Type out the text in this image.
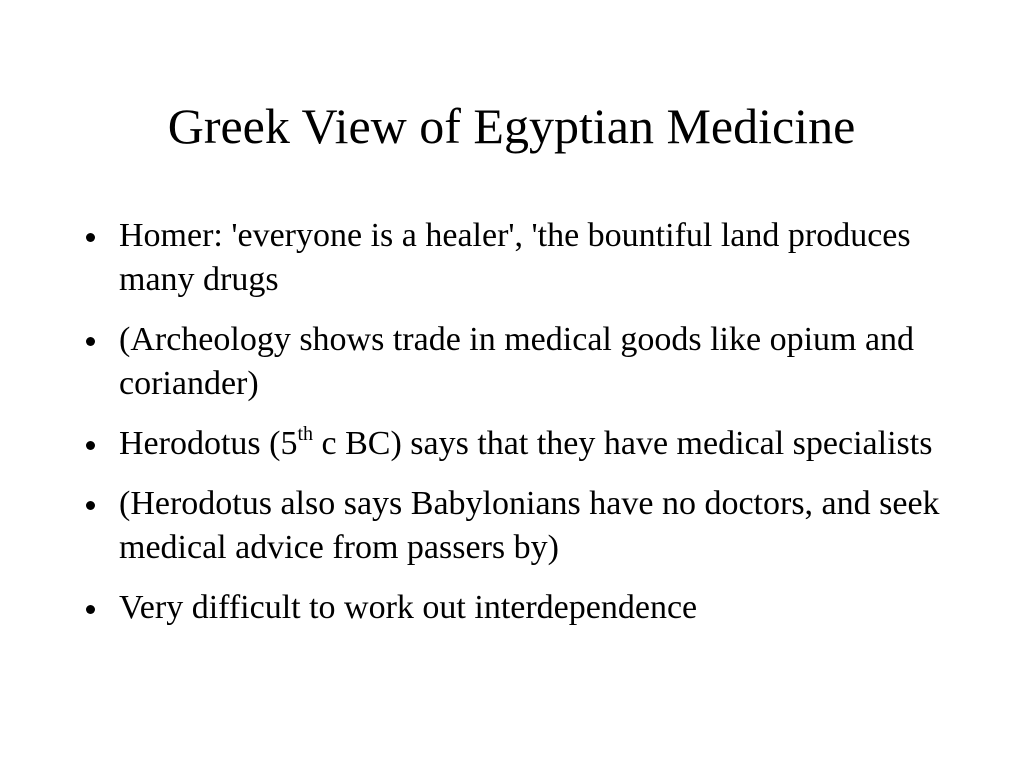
Greek View of Egyptian Medicine
Homer: 'everyone is a healer', 'the bountiful land produces many drugs
(Archeology shows trade in medical goods like opium and coriander)
Herodotus (5th c BC) says that they have medical specialists
(Herodotus also says Babylonians have no doctors, and seek medical advice from passers by)
Very difficult to work out interdependence
